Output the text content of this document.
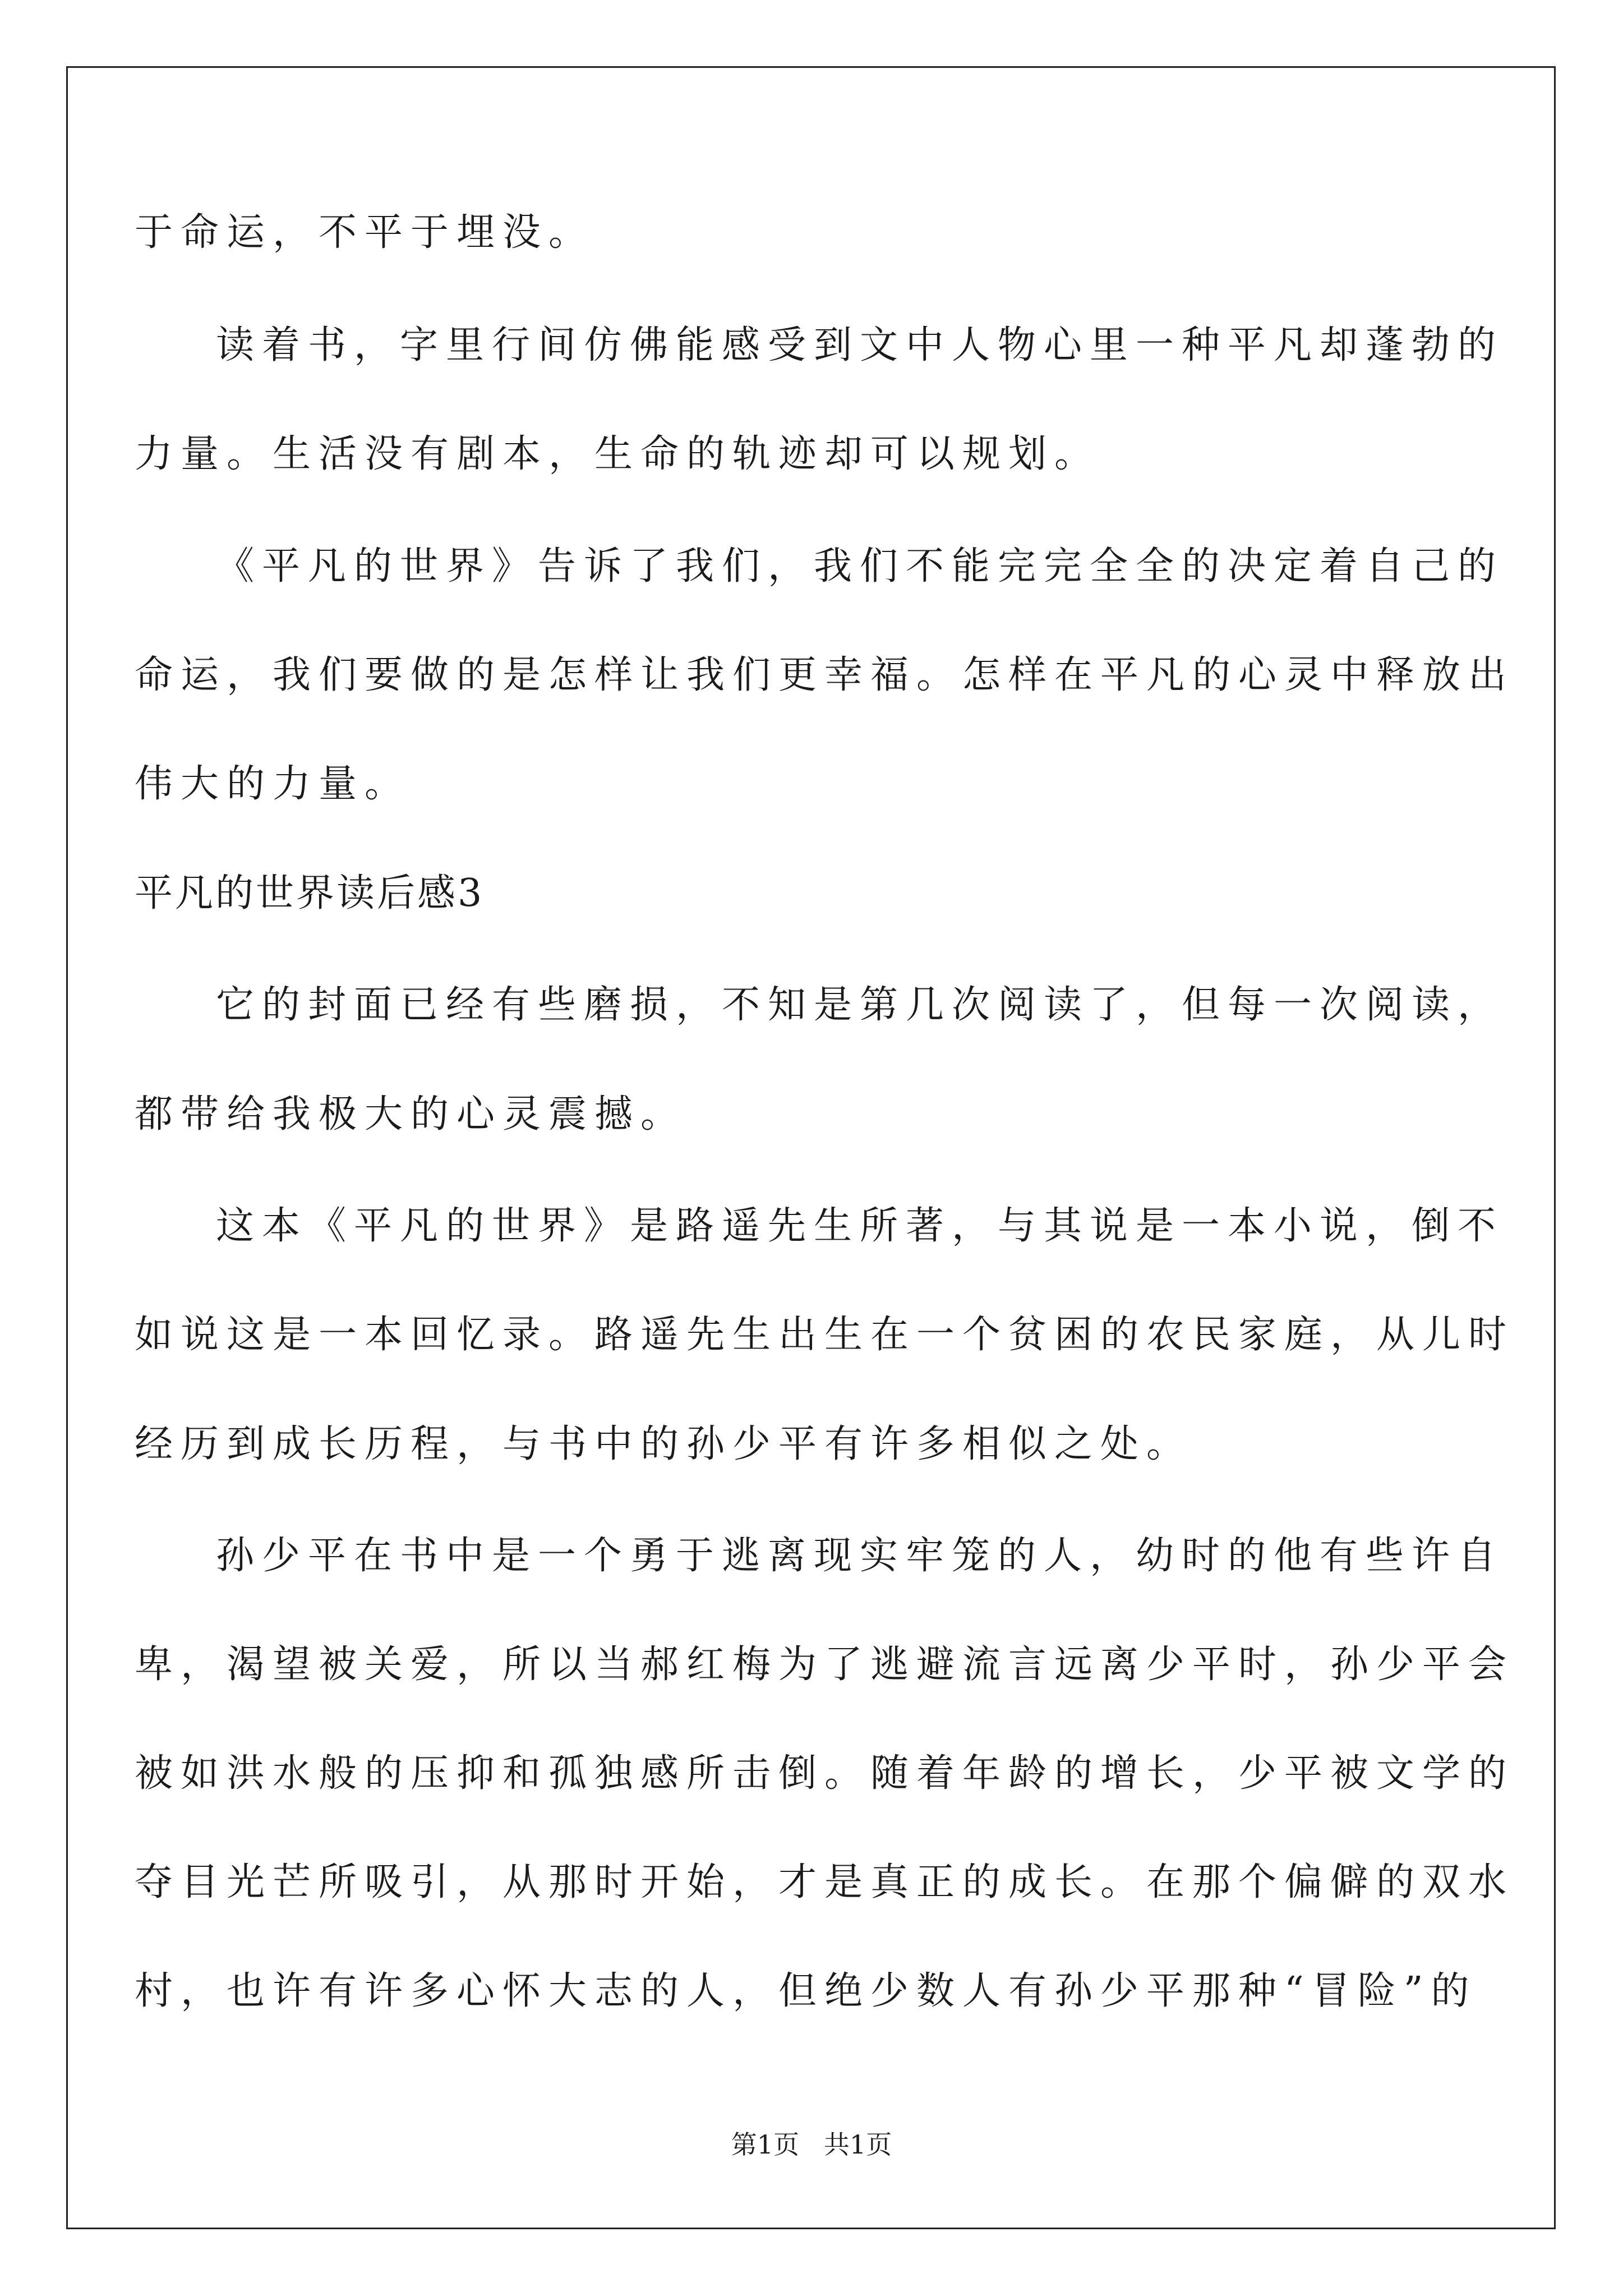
于命运，不平于埋没。
读着书，字里行间仿佛能感受到文中人物心里一种平凡却蓬勃的
力量。生活没有剧本，生命的轨迹却可以规划。
《平凡的世界》告诉了我们，我们不能完完全全的决定着自己的
命运，我们要做的是怎样让我们更幸福。怎样在平凡的心灵中释放出
伟大的力量。
平凡的世界读后感3
它的封面已经有些磨损，不知是第几次阅读了，但每一次阅读，
都带给我极大的心灵震撼。
这本《平凡的世界》是路遥先生所著，与其说是一本小说，倒不
如说这是一本回忆录。路遥先生出生在一个贫困的农民家庭，从儿时
经历到成长历程，与书中的孙少平有许多相似之处。
孙少平在书中是一个勇于逃离现实牢笼的人，幼时的他有些许自
卑，渴望被关爱，所以当郝红梅为了逃避流言远离少平时，孙少平会
被如洪水般的压抑和孤独感所击倒。随着年龄的增长，少平被文学的
夺目光芒所吸引，从那时开始，才是真正的成长。在那个偏僻的双水
村，也许有许多心怀大志的人，但绝少数人有孙少平那种“冒险”的
第1页   共1页
